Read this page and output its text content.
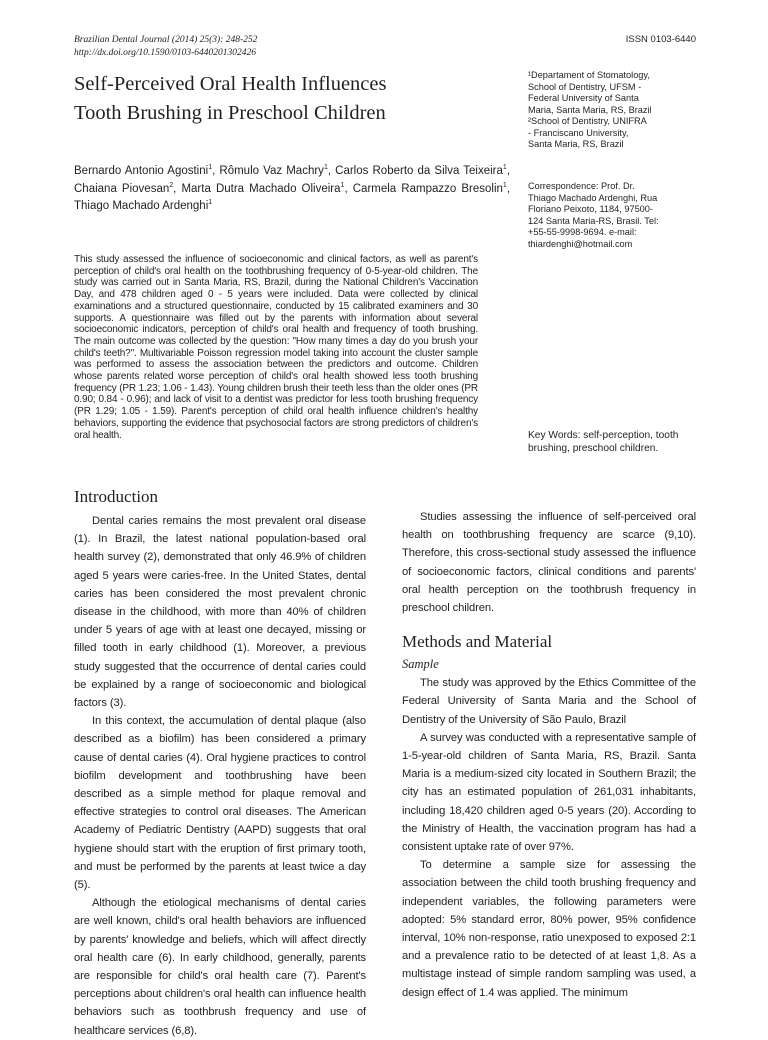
Brazilian Dental Journal (2014) 25(3): 248-252
http://dx.doi.org/10.1590/0103-6440201302426
ISSN 0103-6440
Self-Perceived Oral Health Influences
Tooth Brushing in Preschool Children

Bernardo Antonio Agostini$^1$, Rômulo Vaz Machry$^1$, Carlos Roberto da Silva Teixeira$^1$, Chaiana Piovesan$^2$, Marta Dutra Machado Oliveira$^1$, Carmela Rampazzo Bresolin$^1$, Thiago Machado Ardenghi$^1$

¹Departament of Stomatology,
School of Dentistry, UFSM -
Federal University of Santa
Maria, Santa Maria, RS, Brazil
²School of Dentistry, UNIFRA
- Franciscano University,
Santa Maria, RS, Brazil
Correspondence: Prof. Dr.
Thiago Machado Ardenghi, Rua
Floriano Peixoto, 1184, 97500-
124 Santa Maria-RS, Brasil. Tel:
+55-55-9998-9694. e-mail:
thiardenghi@hotmail.com

This study assessed the influence of socioeconomic and clinical factors, as well as parent's perception of child's oral health on the toothbrushing frequency of 0-5-year-old children. The study was carried out in Santa Maria, RS, Brazil, during the National Children's Vaccination Day, and 478 children aged 0 - 5 years were included. Data were collected by clinical examinations and a structured questionnaire, conducted by 15 calibrated examiners and 30 supports. A questionnaire was filled out by the parents with information about several socioeconomic indicators, perception of child's oral health and frequency of tooth brushing. The main outcome was collected by the question: "How many times a day do you brush your child's teeth?". Multivariable Poisson regression model taking into account the cluster sample was performed to assess the association between the predictors and outcome. Children whose parents related worse perception of child's oral health showed less tooth brushing frequency (PR 1.23; 1.06 - 1.43). Young children brush their teeth less than the older ones (PR 0.90; 0.84 - 0.96); and lack of visit to a dentist was predictor for less tooth brushing frequency (PR 1.29; 1.05 - 1.59). Parent's perception of child oral health influence children's healthy behaviors, supporting the evidence that psychosocial factors are strong predictors of children's oral health.	Key Words: self-perception, tooth
brushing, preschool children.
Introduction

Dental caries remains the most prevalent oral disease (1). In Brazil, the latest national population-based oral health survey (2), demonstrated that only 46.9% of children aged 5 years were caries-free. In the United States, dental caries has been considered the most prevalent chronic disease in the childhood, with more than 40% of children under 5 years of age with at least one decayed, missing or filled tooth in early childhood (1). Moreover, a previous study suggested that the occurrence of dental caries could be explained by a range of socioeconomic and biological factors (3).

In this context, the accumulation of dental plaque (also described as a biofilm) has been considered a primary cause of dental caries (4). Oral hygiene practices to control biofilm development and toothbrushing have been described as a simple method for plaque removal and effective strategies to control oral diseases. The American Academy of Pediatric Dentistry (AAPD) suggests that oral hygiene should start with the eruption of first primary tooth, and must be performed by the parents at least twice a day (5).

Although the etiological mechanisms of dental caries are well known, child's oral health behaviors are influenced by parents' knowledge and beliefs, which will affect directly oral health care (6). In early childhood, generally, parents are responsible for child's oral health care (7). Parent's perceptions about children's oral health can influence health behaviors such as toothbrush frequency and use of healthcare services (6,8).

Studies assessing the influence of self-perceived oral health on toothbrushing frequency are scarce (9,10). Therefore, this cross-sectional study assessed the influence of socioeconomic factors, clinical conditions and parents' oral health perception on the toothbrush frequency in preschool children.

Methods and Material
Sample

The study was approved by the Ethics Committee of the Federal University of Santa Maria and the School of Dentistry of the University of São Paulo, Brazil

A survey was conducted with a representative sample of 1-5-year-old children of Santa Maria, RS, Brazil. Santa Maria is a medium-sized city located in Southern Brazil; the city has an estimated population of 261,031 inhabitants, including 18,420 children aged 0-5 years (20). According to the Ministry of Health, the vaccination program has had a consistent uptake rate of over 97%.

To determine a sample size for assessing the association between the child tooth brushing frequency and independent variables, the following parameters were adopted: 5% standard error, 80% power, 95% confidence interval, 10% non-response, ratio unexposed to exposed 2:1 and a prevalence ratio to be detected of at least 1,8. As a multistage instead of simple random sampling was used, a design effect of 1.4 was applied. The minimum
